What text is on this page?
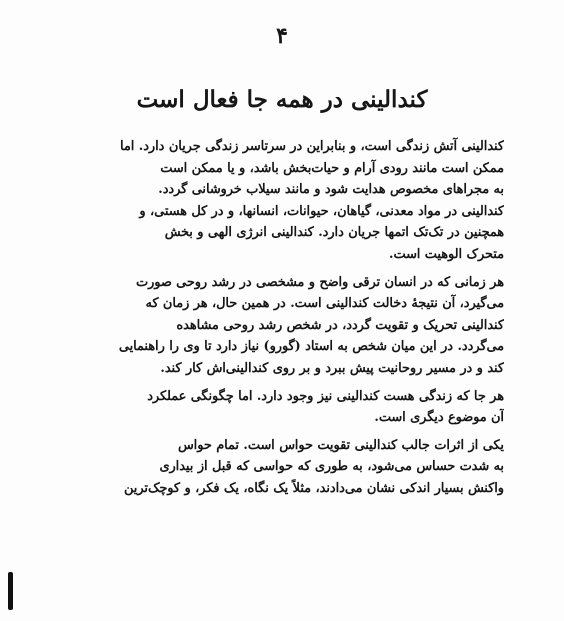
۴
کندالینی در همه جا فعال است
کندالینی آتش زندگی است، و بنابراین در سرتاسر زندگی جریان دارد. اما
ممکن است مانند رودی آرام و حیات‌بخش باشد، و یا ممکن است
به مجراهای مخصوص هدایت شود و مانند سیلاب خروشانی گردد.
کندالینی در مواد معدنی، گیاهان، حیوانات، انسانها، و در کل هستی، و
همچنین در تک‌تک اتمها جریان دارد. کندالینی انرژی الهی و بخش
متحرک الوهیت است.
هر زمانی که در انسان ترقی واضح و مشخصی در رشد روحی صورت
می‌گیرد، آن نتیجهٔ دخالت کندالینی است. در همین حال، هر زمان که
کندالینی تحریک و تقویت گردد، در شخص رشد روحی مشاهده
می‌گردد. در این میان شخص به استاد (گورو) نیاز دارد تا وی را راهنمایی
کند و در مسیر روحانیت پیش ببرد و بر روی کندالینی‌اش کار کند.
هر جا که زندگی هست کندالینی نیز وجود دارد. اما چگونگی عملکرد
آن موضوع دیگری است.
یکی از اثرات جالب کندالینی تقویت حواس است. تمام حواس
به شدت حساس می‌شود، به طوری که حواسی که قبل از بیداری
واکنش بسیار اندکی نشان می‌دادند، مثلاً یک نگاه، یک فکر، و کوچک‌ترین
